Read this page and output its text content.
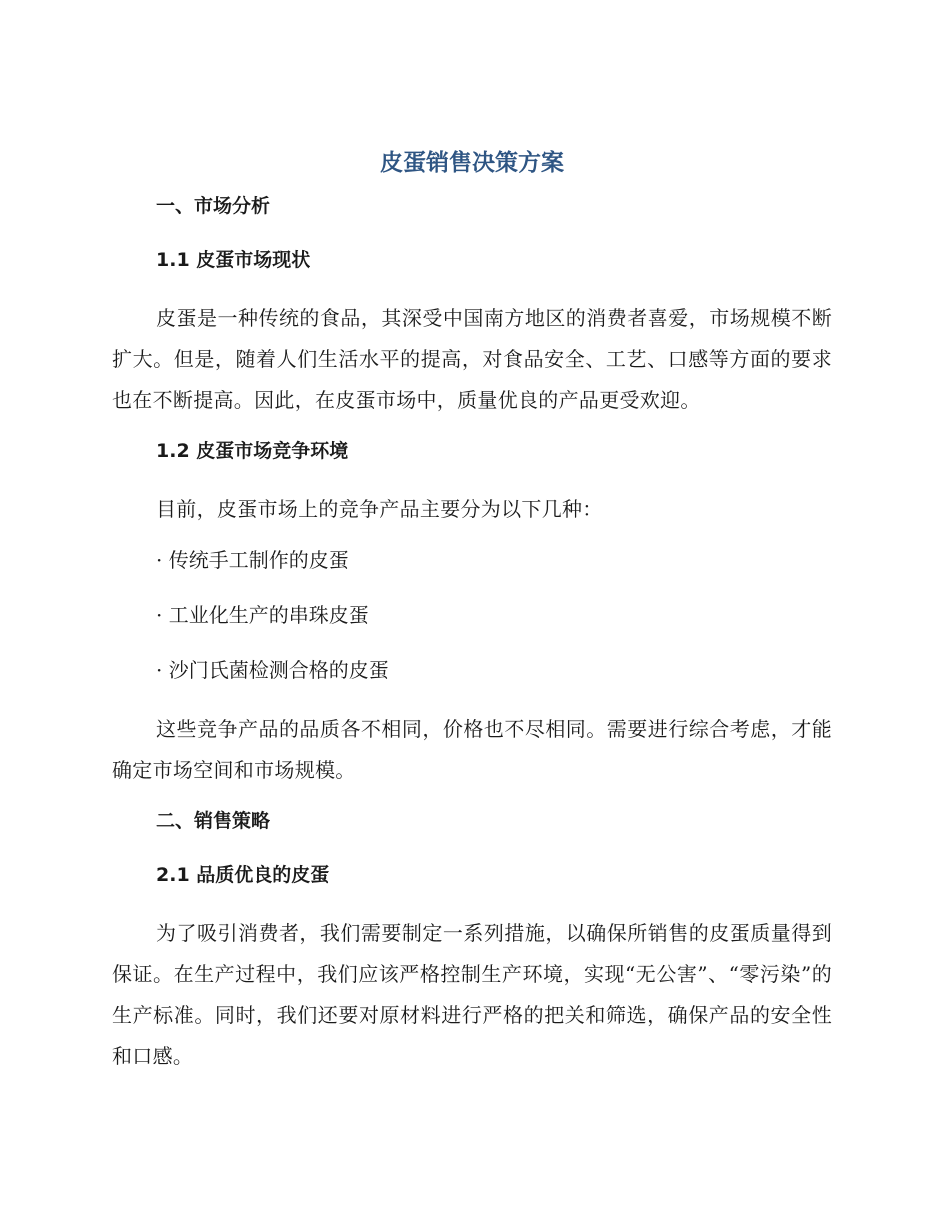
皮蛋销售决策方案
一、市场分析
1.1 皮蛋市场现状

皮蛋是一种传统的食品，其深受中国南方地区的消费者喜爱，市场规模不断扩大。但是，随着人们生活水平的提高，对食品安全、工艺、口感等方面的要求也在不断提高。因此，在皮蛋市场中，质量优良的产品更受欢迎。

1.2 皮蛋市场竞争环境

目前，皮蛋市场上的竞争产品主要分为以下几种：

· 传统手工制作的皮蛋
· 工业化生产的串珠皮蛋
· 沙门氏菌检测合格的皮蛋

这些竞争产品的品质各不相同，价格也不尽相同。需要进行综合考虑，才能确定市场空间和市场规模。

二、销售策略
2.1 品质优良的皮蛋

为了吸引消费者，我们需要制定一系列措施，以确保所销售的皮蛋质量得到保证。在生产过程中，我们应该严格控制生产环境，实现“无公害”、“零污染”的生产标准。同时，我们还要对原材料进行严格的把关和筛选，确保产品的安全性和口感。
